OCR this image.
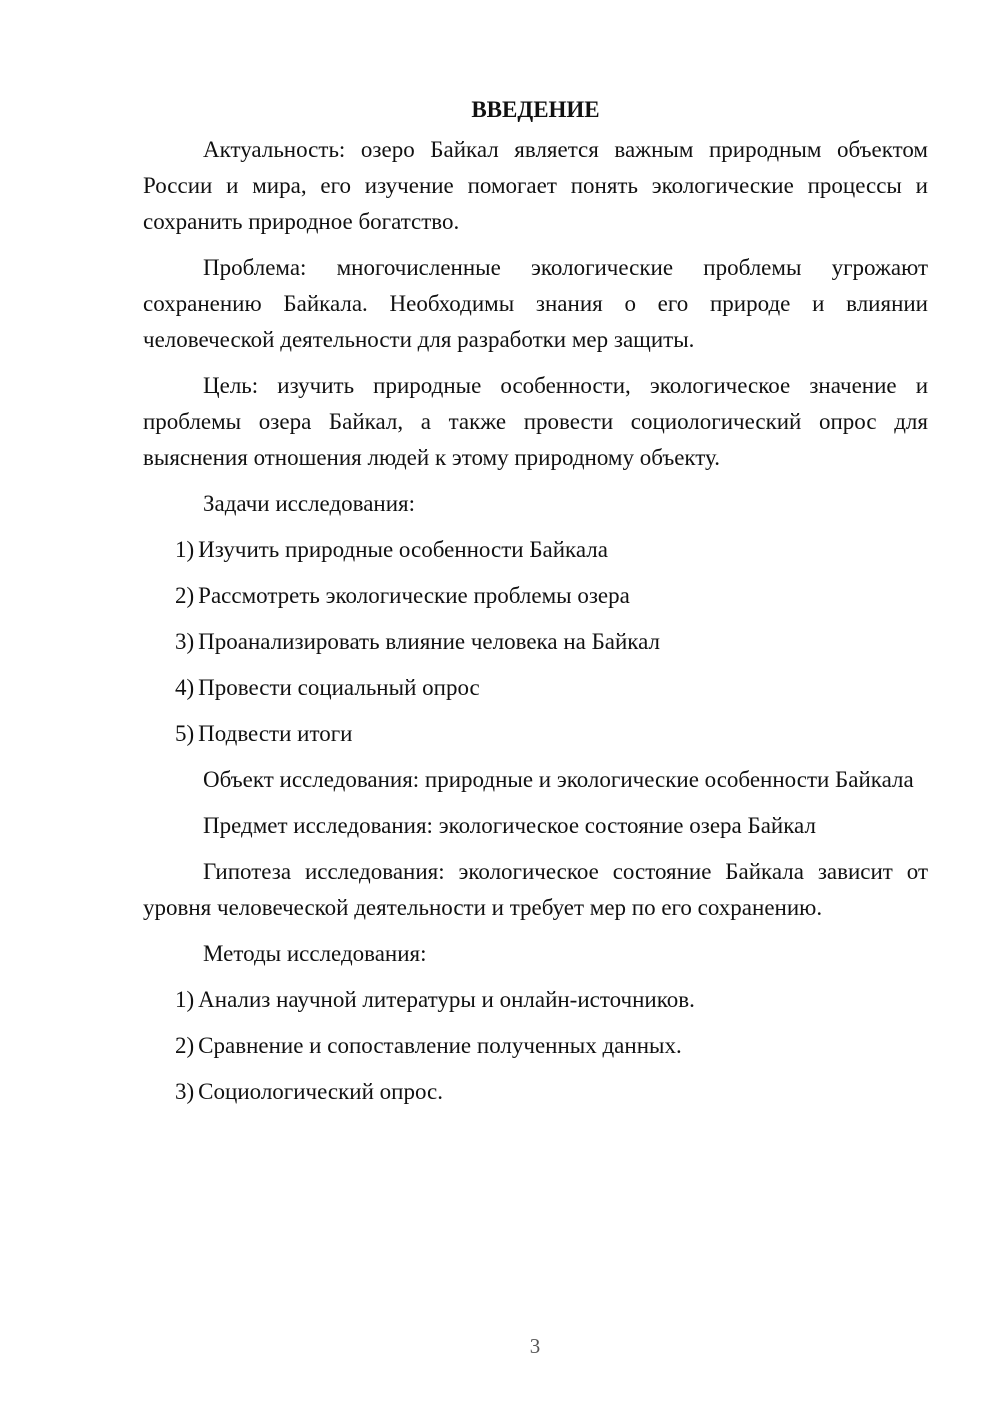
ВВЕДЕНИЕ

Актуальность: озеро Байкал является важным природным объектом России и мира, его изучение помогает понять экологические процессы и сохранить природное богатство.

Проблема: многочисленные экологические проблемы угрожают сохранению Байкала. Необходимы знания о его природе и влиянии человеческой деятельности для разработки мер защиты.

Цель: изучить природные особенности, экологическое значение и проблемы озера Байкал, а также провести социологический опрос для выяснения отношения людей к этому природному объекту.

Задачи исследования:

1) Изучить природные особенности Байкала
2) Рассмотреть экологические проблемы озера
3) Проанализировать влияние человека на Байкал
4) Провести социальный опрос
5) Подвести итоги

Объект исследования: природные и экологические особенности Байкала

Предмет исследования: экологическое состояние озера Байкал

Гипотеза исследования: экологическое состояние Байкала зависит от уровня человеческой деятельности и требует мер по его сохранению.

Методы исследования:

1) Анализ научной литературы и онлайн-источников.
2) Сравнение и сопоставление полученных данных.
3) Социологический опрос.
3
